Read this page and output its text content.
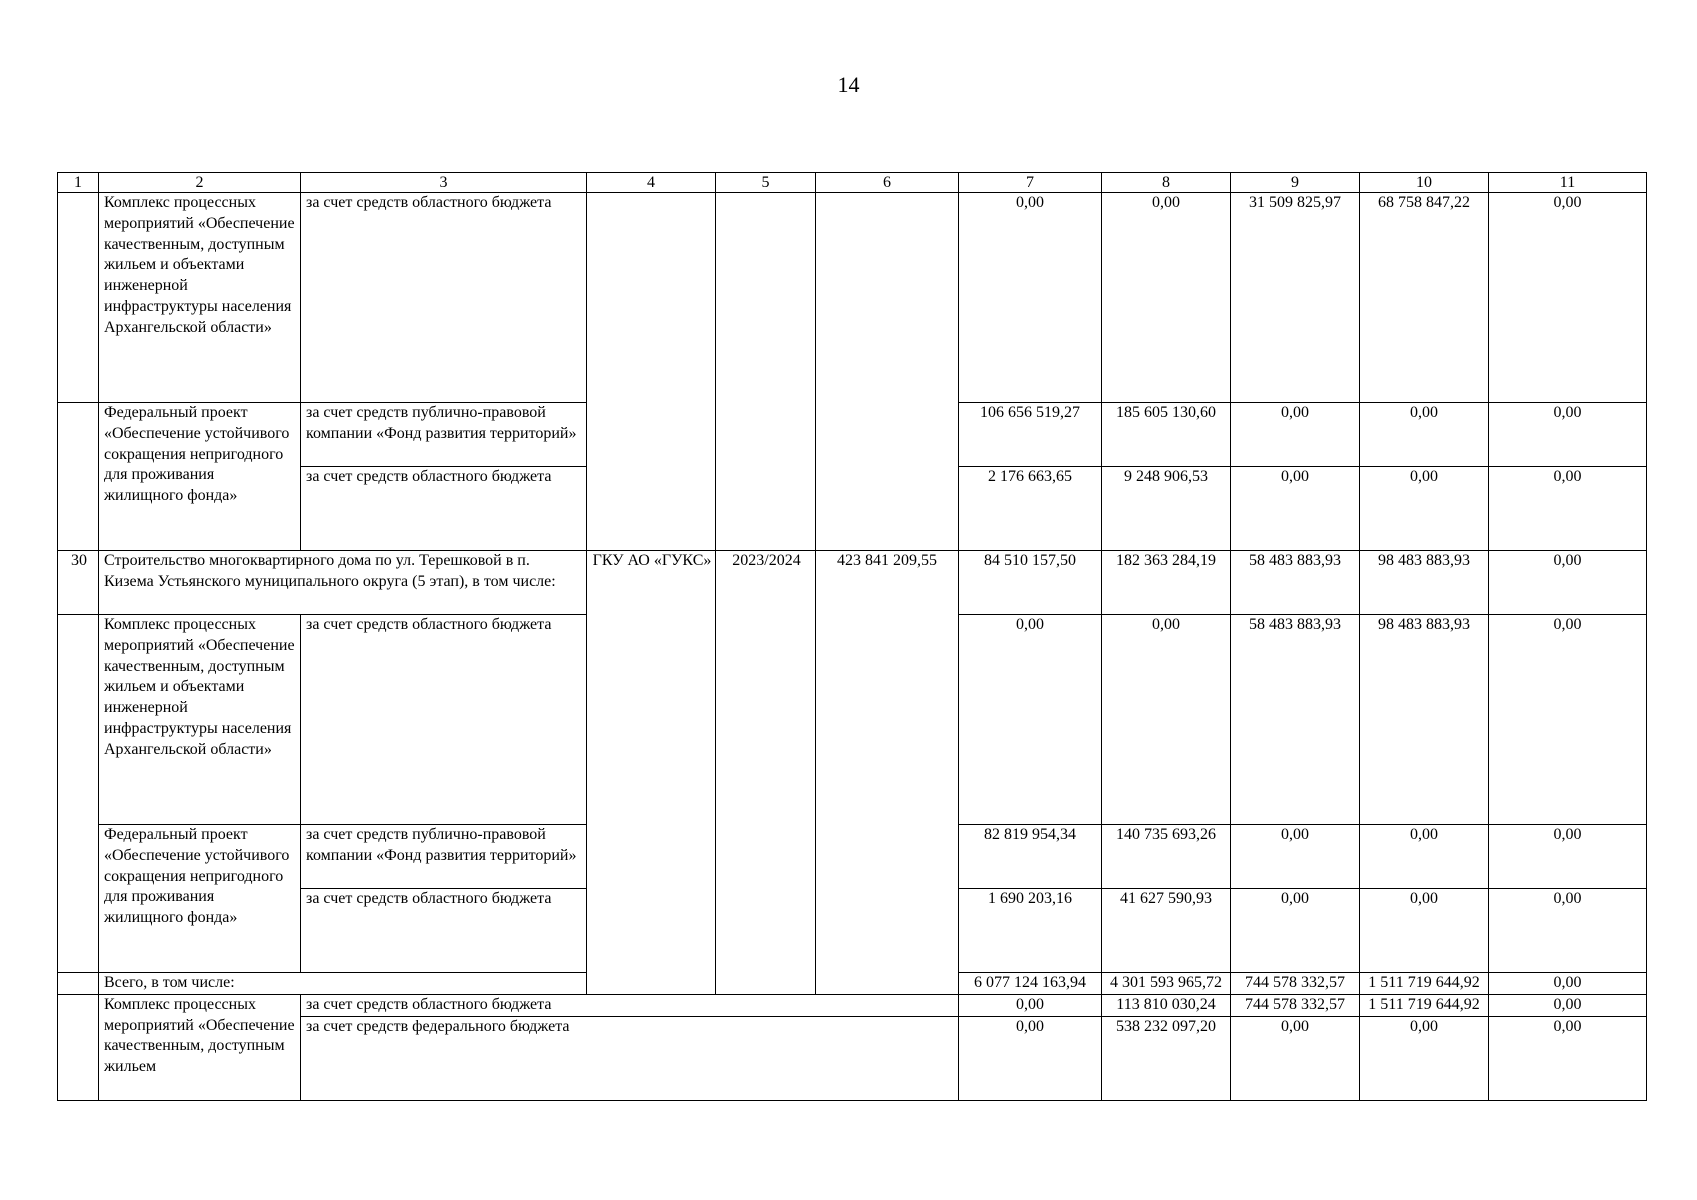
14
1	2	3	4	5	6	7	8	9	10	11
	Комплекс процессных мероприятий «Обеспечение качественным, доступным жильем и объектами инженерной инфраструктуры населения Архангельской области»	за счет средств областного бюджета				0,00	0,00	31 509 825,97	68 758 847,22	0,00
	Федеральный проект «Обеспечение устойчивого сокращения непригодного для проживания жилищного фонда»	за счет средств публично-правовой компании «Фонд развития территорий»				106 656 519,27	185 605 130,60	0,00	0,00	0,00
		за счет средств областного бюджета				2 176 663,65	9 248 906,53	0,00	0,00	0,00
30	Строительство многоквартирного дома по ул. Терешковой в п. Кизема Устьянского муниципального округа (5 этап), в том числе:		ГКУ АО «ГУКС»	2023/2024	423 841 209,55	84 510 157,50	182 363 284,19	58 483 883,93	98 483 883,93	0,00
	Комплекс процессных мероприятий «Обеспечение качественным, доступным жильем и объектами инженерной инфраструктуры населения Архангельской области»	за счет средств областного бюджета				0,00	0,00	58 483 883,93	98 483 883,93	0,00
	Федеральный проект «Обеспечение устойчивого сокращения непригодного для проживания жилищного фонда»	за счет средств публично-правовой компании «Фонд развития территорий»				82 819 954,34	140 735 693,26	0,00	0,00	0,00
		за счет средств областного бюджета				1 690 203,16	41 627 590,93	0,00	0,00	0,00
	Всего, в том числе:					6 077 124 163,94	4 301 593 965,72	744 578 332,57	1 511 719 644,92	0,00
	Комплекс процессных мероприятий «Обеспечение качественным, доступным жильем	за счет средств областного бюджета				0,00	113 810 030,24	744 578 332,57	1 511 719 644,92	0,00
		за счет средств федерального бюджета				0,00	538 232 097,20	0,00	0,00	0,00
